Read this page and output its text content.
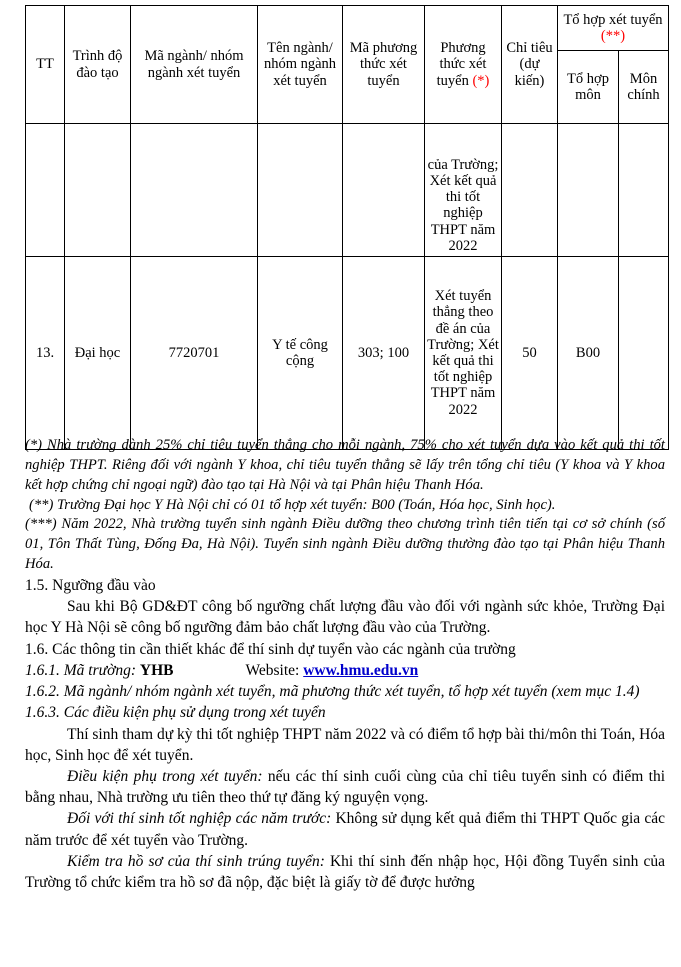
TT	Trình độ đào tạo	Mã ngành/ nhóm ngành xét tuyển	Tên ngành/ nhóm ngành xét tuyển	Mã phương thức xét tuyển	Phương thức xét tuyển (*)	Chỉ tiêu (dự kiến)	Tổ hợp xét tuyển (**)	
							Tổ hợp môn	Môn chính
					của Trường; Xét kết quả thi tốt nghiệp THPT năm 2022			
13.	Đại học	7720701	Y tế công cộng	303; 100	Xét tuyển thẳng theo đề án của Trường; Xét kết quả thi tốt nghiệp THPT năm 2022	50	B00	

(*) Nhà trường dành 25% chỉ tiêu tuyển thẳng cho mỗi ngành, 75% cho xét tuyển dựa vào kết quả thi tốt nghiệp THPT. Riêng đối với ngành Y khoa, chỉ tiêu tuyển thẳng sẽ lấy trên tổng chỉ tiêu (Y khoa và Y khoa kết hợp chứng chỉ ngoại ngữ) đào tạo tại Hà Nội và tại Phân hiệu Thanh Hóa.

(**) Trường Đại học Y Hà Nội chỉ có 01 tổ hợp xét tuyển: B00 (Toán, Hóa học, Sinh học).

(***) Năm 2022, Nhà trường tuyển sinh ngành Điều dưỡng theo chương trình tiên tiến tại cơ sở chính (số 01, Tôn Thất Tùng, Đống Đa, Hà Nội). Tuyển sinh ngành Điều dưỡng thường đào tạo tại Phân hiệu Thanh Hóa.

1.5. Ngưỡng đầu vào

Sau khi Bộ GD&ĐT công bố ngưỡng chất lượng đầu vào đối với ngành sức khỏe, Trường Đại học Y Hà Nội sẽ công bố ngưỡng đảm bảo chất lượng đầu vào của Trường.

1.6. Các thông tin cần thiết khác để thí sinh dự tuyển vào các ngành của trường

1.6.1. Mã trường: YHB	Website: www.hmu.edu.vn

1.6.2. Mã ngành/ nhóm ngành xét tuyển, mã phương thức xét tuyển, tổ hợp xét tuyển (xem mục 1.4)

1.6.3. Các điều kiện phụ sử dụng trong xét tuyển

Thí sinh tham dự kỳ thi tốt nghiệp THPT năm 2022 và có điểm tổ hợp bài thi/môn thi Toán, Hóa học, Sinh học để xét tuyển.

Điều kiện phụ trong xét tuyển: nếu các thí sinh cuối cùng của chỉ tiêu tuyển sinh có điểm thi bằng nhau, Nhà trường ưu tiên theo thứ tự đăng ký nguyện vọng.

Đối với thí sinh tốt nghiệp các năm trước: Không sử dụng kết quả điểm thi THPT Quốc gia các năm trước để xét tuyển vào Trường.

Kiểm tra hồ sơ của thí sinh trúng tuyển: Khi thí sinh đến nhập học, Hội đồng Tuyển sinh của Trường tổ chức kiểm tra hồ sơ đã nộp, đặc biệt là giấy tờ để được hưởng
